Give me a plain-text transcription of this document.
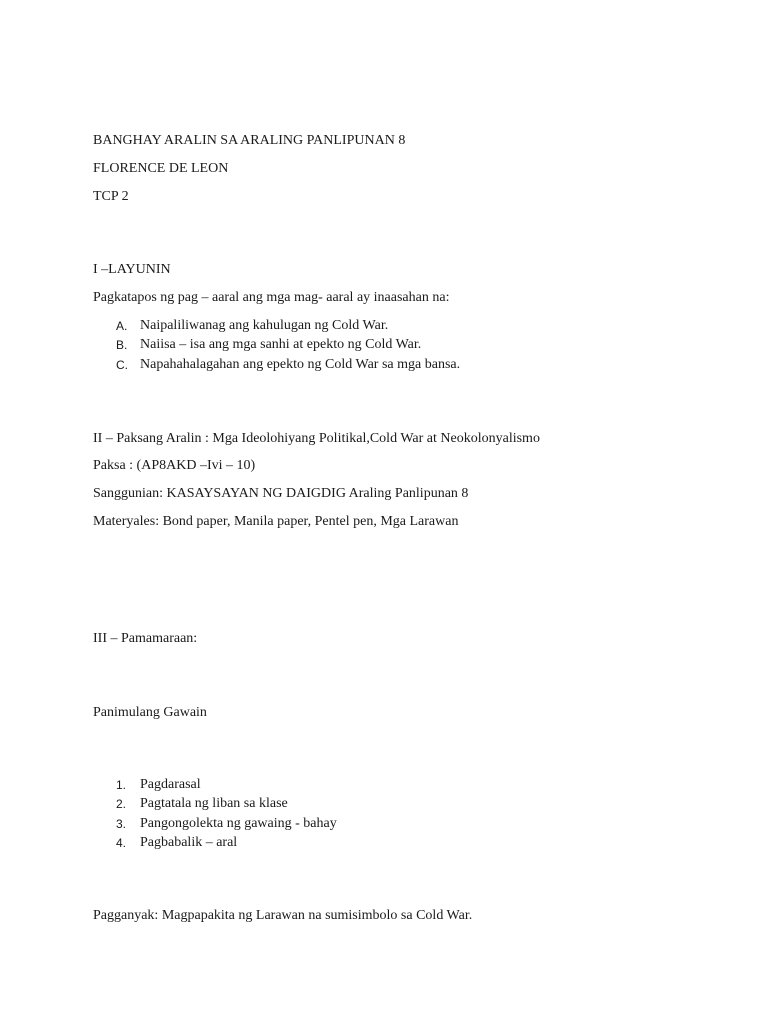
BANGHAY ARALIN SA ARALING PANLIPUNAN 8
FLORENCE DE LEON
TCP 2
I –LAYUNIN
Pagkatapos ng pag – aaral ang mga mag- aaral ay inaasahan na:
A. Naipaliliwanag ang kahulugan ng Cold War.
B. Naiisa – isa ang mga sanhi at epekto ng Cold War.
C. Napahahalagahan ang epekto ng Cold War sa mga bansa.
II – Paksang Aralin : Mga Ideolohiyang Politikal,Cold War at Neokolonyalismo
Paksa : (AP8AKD –Ivi – 10)
Sanggunian: KASAYSAYAN NG DAIGDIG Araling Panlipunan 8
Materyales: Bond paper, Manila paper, Pentel pen, Mga Larawan
III – Pamamaraan:
Panimulang Gawain
1. Pagdarasal
2. Pagtatala ng liban sa klase
3. Pangongolekta ng gawaing - bahay
4. Pagbabalik – aral
Pagganyak: Magpapakita ng Larawan na sumisimbolo sa Cold War.
